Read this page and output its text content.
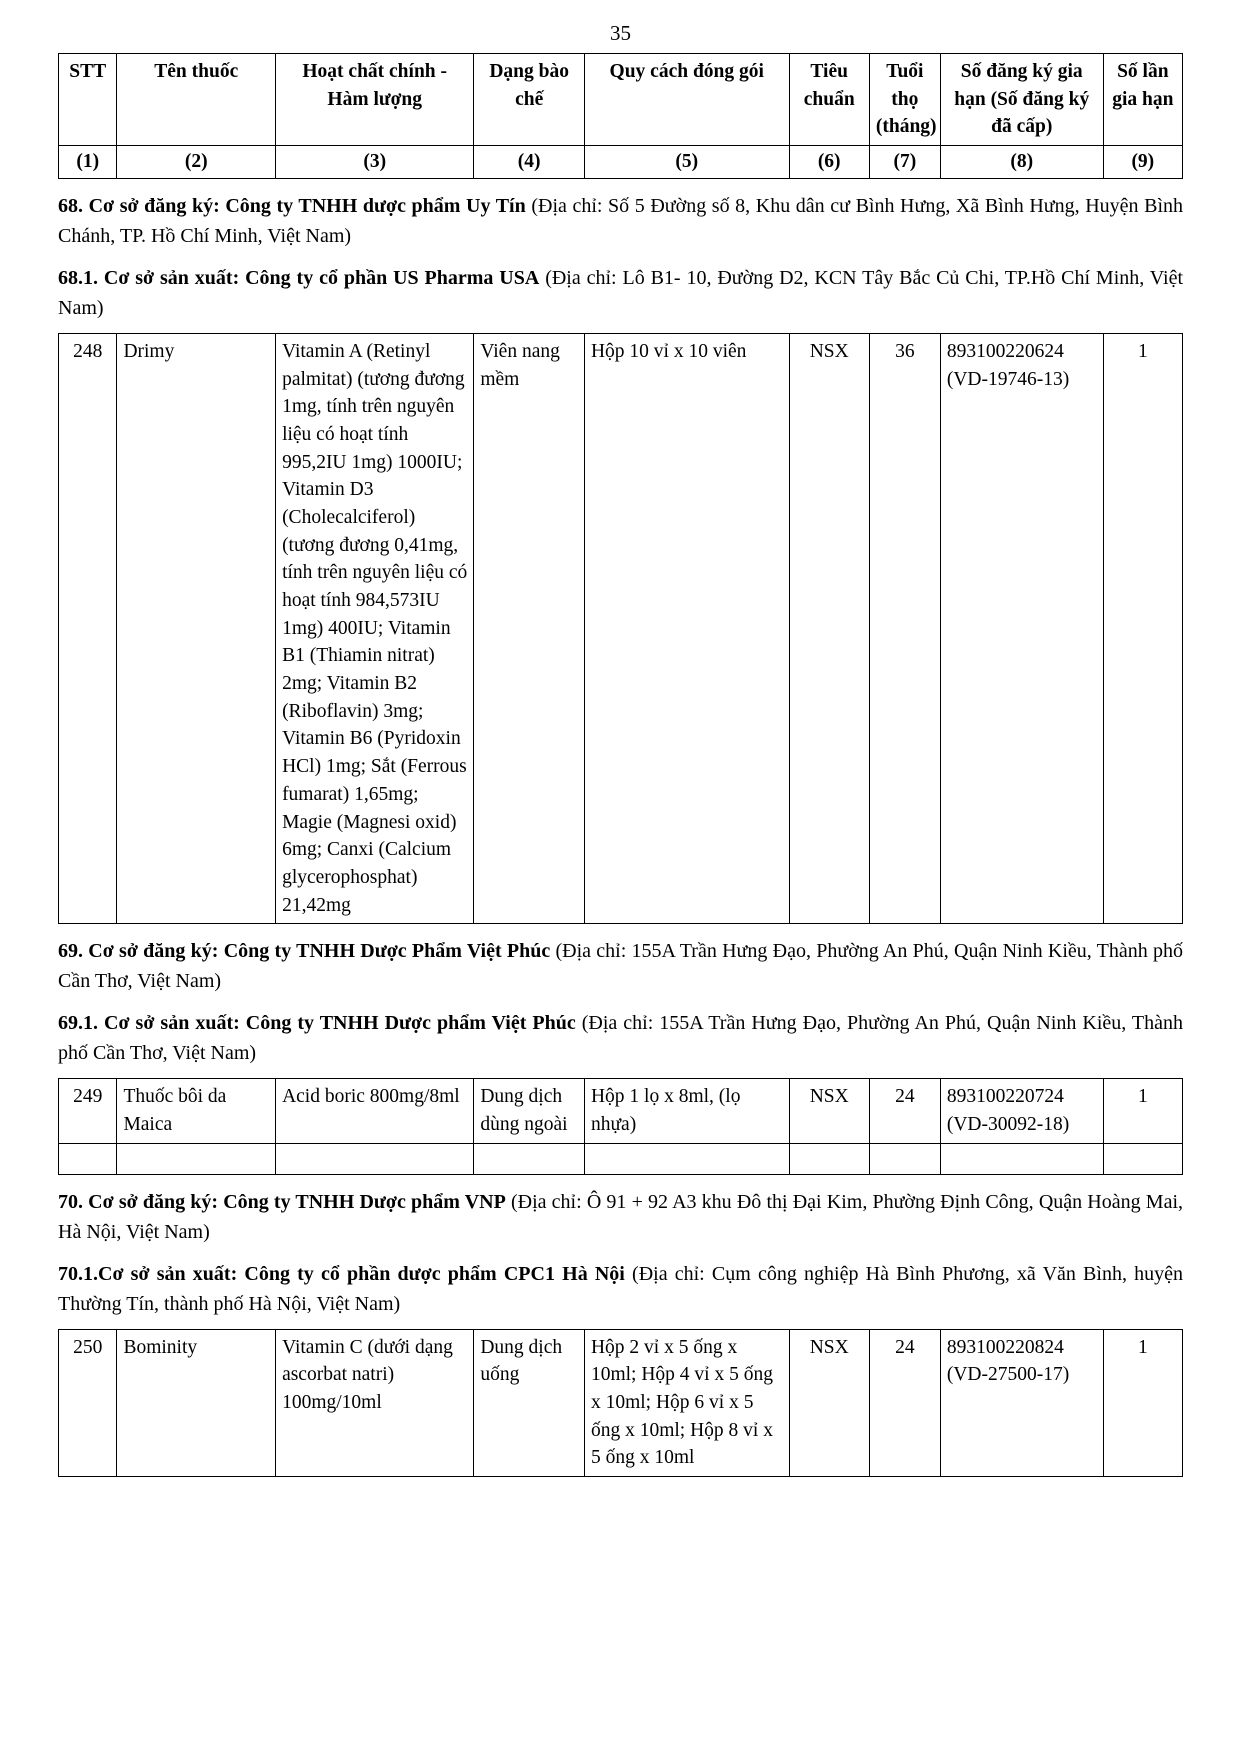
35
STT	Tên thuốc	Hoạt chất chính - Hàm lượng	Dạng bào chế	Quy cách đóng gói	Tiêu chuẩn	Tuổi thọ (tháng)	Số đăng ký gia hạn (Số đăng ký đã cấp)	Số lần gia hạn
(1)	(2)	(3)	(4)	(5)	(6)	(7)	(8)	(9)

68. Cơ sở đăng ký: Công ty TNHH dược phẩm Uy Tín (Địa chỉ: Số 5 Đường số 8, Khu dân cư Bình Hưng, Xã Bình Hưng, Huyện Bình Chánh, TP. Hồ Chí Minh, Việt Nam)

68.1. Cơ sở sản xuất: Công ty cổ phần US Pharma USA (Địa chỉ: Lô B1- 10, Đường D2, KCN Tây Bắc Củ Chi, TP.Hồ Chí Minh, Việt Nam)

248	Drimy	Vitamin A (Retinyl palmitat) (tương đương 1mg, tính trên nguyên liệu có hoạt tính 995,2IU 1mg) 1000IU; Vitamin D3 (Cholecalciferol) (tương đương 0,41mg, tính trên nguyên liệu có hoạt tính 984,573IU 1mg) 400IU; Vitamin B1 (Thiamin nitrat) 2mg; Vitamin B2 (Riboflavin) 3mg; Vitamin B6 (Pyridoxin HCl) 1mg; Sắt (Ferrous fumarat) 1,65mg; Magie (Magnesi oxid) 6mg; Canxi (Calcium glycerophosphat) 21,42mg	Viên nang mềm	Hộp 10 vỉ x 10 viên	NSX	36	893100220624 (VD-19746-13)	1

69. Cơ sở đăng ký: Công ty TNHH Dược Phẩm Việt Phúc (Địa chỉ: 155A Trần Hưng Đạo, Phường An Phú, Quận Ninh Kiều, Thành phố Cần Thơ, Việt Nam)

69.1. Cơ sở sản xuất: Công ty TNHH Dược phẩm Việt Phúc (Địa chỉ: 155A Trần Hưng Đạo, Phường An Phú, Quận Ninh Kiều, Thành phố Cần Thơ, Việt Nam)

249	Thuốc bôi da Maica	Acid boric 800mg/8ml	Dung dịch dùng ngoài	Hộp 1 lọ x 8ml, (lọ nhựa)	NSX	24	893100220724 (VD-30092-18)	1

70. Cơ sở đăng ký: Công ty TNHH Dược phẩm VNP (Địa chỉ: Ô 91 + 92 A3 khu Đô thị Đại Kim, Phường Định Công, Quận Hoàng Mai, Hà Nội, Việt Nam)

70.1.Cơ sở sản xuất: Công ty cổ phần dược phẩm CPC1 Hà Nội (Địa chỉ: Cụm công nghiệp Hà Bình Phương, xã Văn Bình, huyện Thường Tín, thành phố Hà Nội, Việt Nam)

250	Bominity	Vitamin C (dưới dạng ascorbat natri) 100mg/10ml	Dung dịch uống	Hộp 2 vỉ x 5 ống x 10ml; Hộp 4 vỉ x 5 ống x 10ml; Hộp 6 vỉ x 5 ống x 10ml; Hộp 8 vỉ x 5 ống x 10ml	NSX	24	893100220824 (VD-27500-17)	1
